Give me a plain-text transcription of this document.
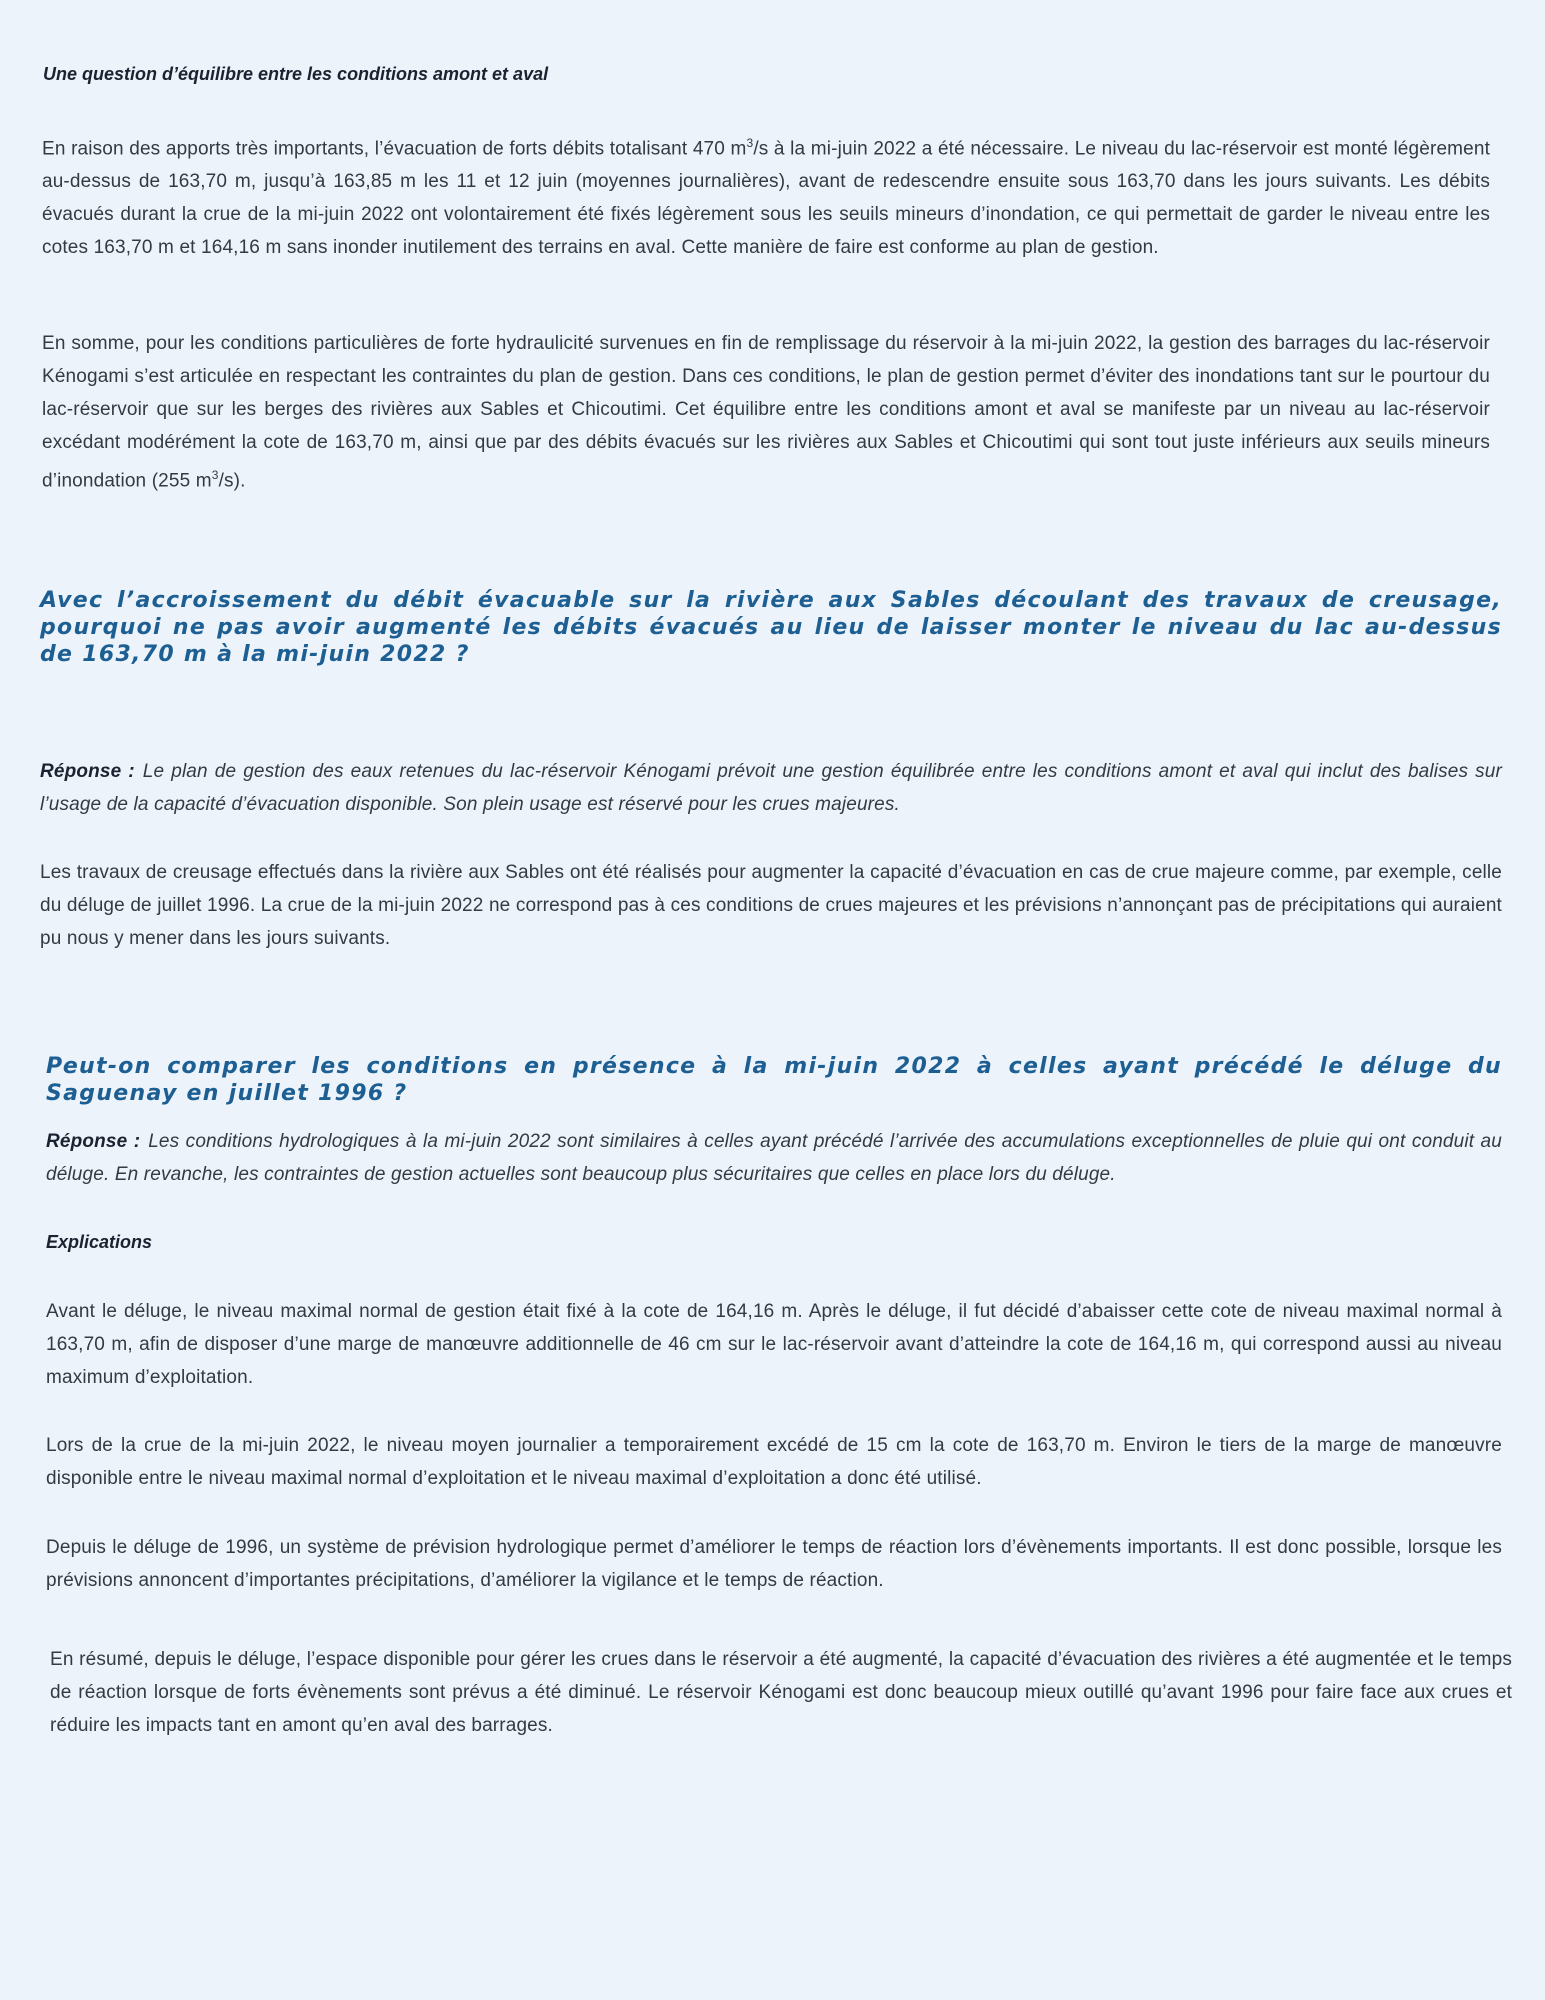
Une question d’équilibre entre les conditions amont et aval

En raison des apports très importants, l’évacuation de forts débits totalisant 470 $m^3/s$ à la mi-juin 2022 a été nécessaire. Le niveau du lac-réservoir est monté légèrement au-dessus de 163,70 m, jusqu’à 163,85 m les 11 et 12 juin (moyennes journalières), avant de redescendre ensuite sous 163,70 dans les jours suivants. Les débits évacués durant la crue de la mi-juin 2022 ont volontairement été fixés légèrement sous les seuils mineurs d’inondation, ce qui permettait de garder le niveau entre les cotes 163,70 m et 164,16 m sans inonder inutilement des terrains en aval. Cette manière de faire est conforme au plan de gestion.

En somme, pour les conditions particulières de forte hydraulicité survenues en fin de remplissage du réservoir à la mi-juin 2022, la gestion des barrages du lac-réservoir Kénogami s’est articulée en respectant les contraintes du plan de gestion. Dans ces conditions, le plan de gestion permet d’éviter des inondations tant sur le pourtour du lac-réservoir que sur les berges des rivières aux Sables et Chicoutimi. Cet équilibre entre les conditions amont et aval se manifeste par un niveau au lac-réservoir excédant modérément la cote de 163,70 m, ainsi que par des débits évacués sur les rivières aux Sables et Chicoutimi qui sont tout juste inférieurs aux seuils mineurs d’inondation (255 $m^3/s$).

Avec l’accroissement du débit évacuable sur la rivière aux Sables découlant des travaux de creusage, pourquoi ne pas avoir augmenté les débits évacués au lieu de laisser monter le niveau du lac au-dessus de 163,70 m à la mi-juin 2022 ?

Réponse : Le plan de gestion des eaux retenues du lac-réservoir Kénogami prévoit une gestion équilibrée entre les conditions amont et aval qui inclut des balises sur l’usage de la capacité d’évacuation disponible. Son plein usage est réservé pour les crues majeures.

Les travaux de creusage effectués dans la rivière aux Sables ont été réalisés pour augmenter la capacité d’évacuation en cas de crue majeure comme, par exemple, celle du déluge de juillet 1996. La crue de la mi-juin 2022 ne correspond pas à ces conditions de crues majeures et les prévisions n’annonçant pas de précipitations qui auraient pu nous y mener dans les jours suivants.

Peut-on comparer les conditions en présence à la mi-juin 2022 à celles ayant précédé le déluge du Saguenay en juillet 1996 ?

Réponse : Les conditions hydrologiques à la mi-juin 2022 sont similaires à celles ayant précédé l’arrivée des accumulations exceptionnelles de pluie qui ont conduit au déluge. En revanche, les contraintes de gestion actuelles sont beaucoup plus sécuritaires que celles en place lors du déluge.

Explications

Avant le déluge, le niveau maximal normal de gestion était fixé à la cote de 164,16 m. Après le déluge, il fut décidé d’abaisser cette cote de niveau maximal normal à 163,70 m, afin de disposer d’une marge de manœuvre additionnelle de 46 cm sur le lac-réservoir avant d’atteindre la cote de 164,16 m, qui correspond aussi au niveau maximum d’exploitation.

Lors de la crue de la mi-juin 2022, le niveau moyen journalier a temporairement excédé de 15 cm la cote de 163,70 m. Environ le tiers de la marge de manœuvre disponible entre le niveau maximal normal d’exploitation et le niveau maximal d’exploitation a donc été utilisé.

Depuis le déluge de 1996, un système de prévision hydrologique permet d’améliorer le temps de réaction lors d’évènements importants. Il est donc possible, lorsque les prévisions annoncent d’importantes précipitations, d’améliorer la vigilance et le temps de réaction.

En résumé, depuis le déluge, l’espace disponible pour gérer les crues dans le réservoir a été augmenté, la capacité d’évacuation des rivières a été augmentée et le temps de réaction lorsque de forts évènements sont prévus a été diminué. Le réservoir Kénogami est donc beaucoup mieux outillé qu’avant 1996 pour faire face aux crues et réduire les impacts tant en amont qu’en aval des barrages.
